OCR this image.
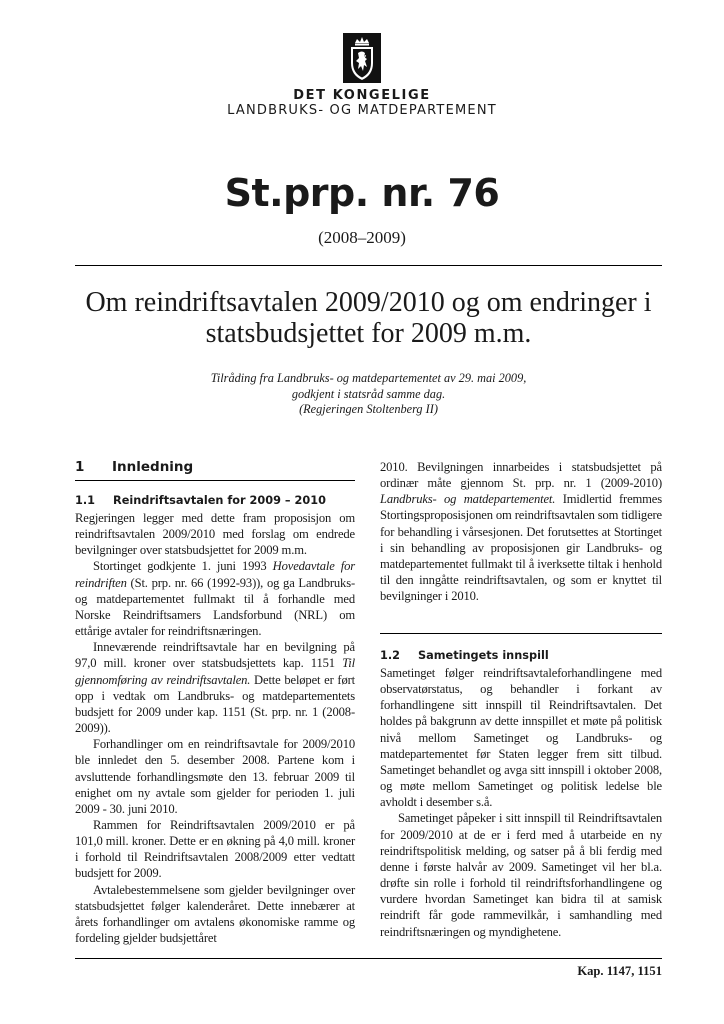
DET KONGELIGE
LANDBRUKS- OG MATDEPARTEMENT
St.prp. nr. 76
(2008–2009)
Om reindriftsavtalen 2009/2010 og om endringer i statsbudsjettet for 2009 m.m.
Tilråding fra Landbruks- og matdepartementet av 29. mai 2009,
godkjent i statsråd samme dag.
(Regjeringen Stoltenberg II)
1 Innledning
1.1 Reindriftsavtalen for 2009 – 2010

Regjeringen legger med dette fram proposisjon om reindriftsavtalen 2009/2010 med forslag om endrede bevilgninger over statsbudsjettet for 2009 m.m.

Stortinget godkjente 1. juni 1993 Hovedavtale for reindriften (St. prp. nr. 66 (1992-93)), og ga Landbruks- og matdepartementet fullmakt til å forhandle med Norske Reindriftsamers Landsforbund (NRL) om ettårige avtaler for reindriftsnæringen.

Inneværende reindriftsavtale har en bevilgning på 97,0 mill. kroner over statsbudsjettets kap. 1151 Til gjennomføring av reindriftsavtalen. Dette beløpet er ført opp i vedtak om Landbruks- og matdepartementets budsjett for 2009 under kap. 1151 (St. prp. nr. 1 (2008-2009)).

Forhandlinger om en reindriftsavtale for 2009/2010 ble innledet den 5. desember 2008. Partene kom i avsluttende forhandlingsmøte den 13. februar 2009 til enighet om ny avtale som gjelder for perioden 1. juli 2009 - 30. juni 2010.

Rammen for Reindriftsavtalen 2009/2010 er på 101,0 mill. kroner. Dette er en økning på 4,0 mill. kroner i forhold til Reindriftsavtalen 2008/2009 etter vedtatt budsjett for 2009.

Avtalebestemmelsene som gjelder bevilgninger over statsbudsjettet følger kalenderåret. Dette innebærer at årets forhandlinger om avtalens økonomiske ramme og fordeling gjelder budsjettåret

2010. Bevilgningen innarbeides i statsbudsjettet på ordinær måte gjennom St. prp. nr. 1 (2009-2010) Landbruks- og matdepartementet. Imidlertid fremmes Stortingsproposisjonen om reindriftsavtalen som tidligere for behandling i vårsesjonen. Det forutsettes at Stortinget i sin behandling av proposisjonen gir Landbruks- og matdepartementet fullmakt til å iverksette tiltak i henhold til den inngåtte reindriftsavtalen, og som er knyttet til bevilgninger i 2010.

1.2 Sametingets innspill

Sametinget følger reindriftsavtaleforhandlingene med observatørstatus, og behandler i forkant av forhandlingene sitt innspill til Reindriftsavtalen. Det holdes på bakgrunn av dette innspillet et møte på politisk nivå mellom Sametinget og Landbruks- og matdepartementet før Staten legger frem sitt tilbud. Sametinget behandlet og avga sitt innspill i oktober 2008, og møte mellom Sametinget og politisk ledelse ble avholdt i desember s.å.

Sametinget påpeker i sitt innspill til Reindriftsavtalen for 2009/2010 at de er i ferd med å utarbeide en ny reindriftspolitisk melding, og satser på å bli ferdig med denne i første halvår av 2009. Sametinget vil her bl.a. drøfte sin rolle i forhold til reindriftsforhandlingene og vurdere hvordan Sametinget kan bidra til at samisk reindrift får gode rammevilkår, i samhandling med reindriftsnæringen og myndighetene.

Kap. 1147, 1151
